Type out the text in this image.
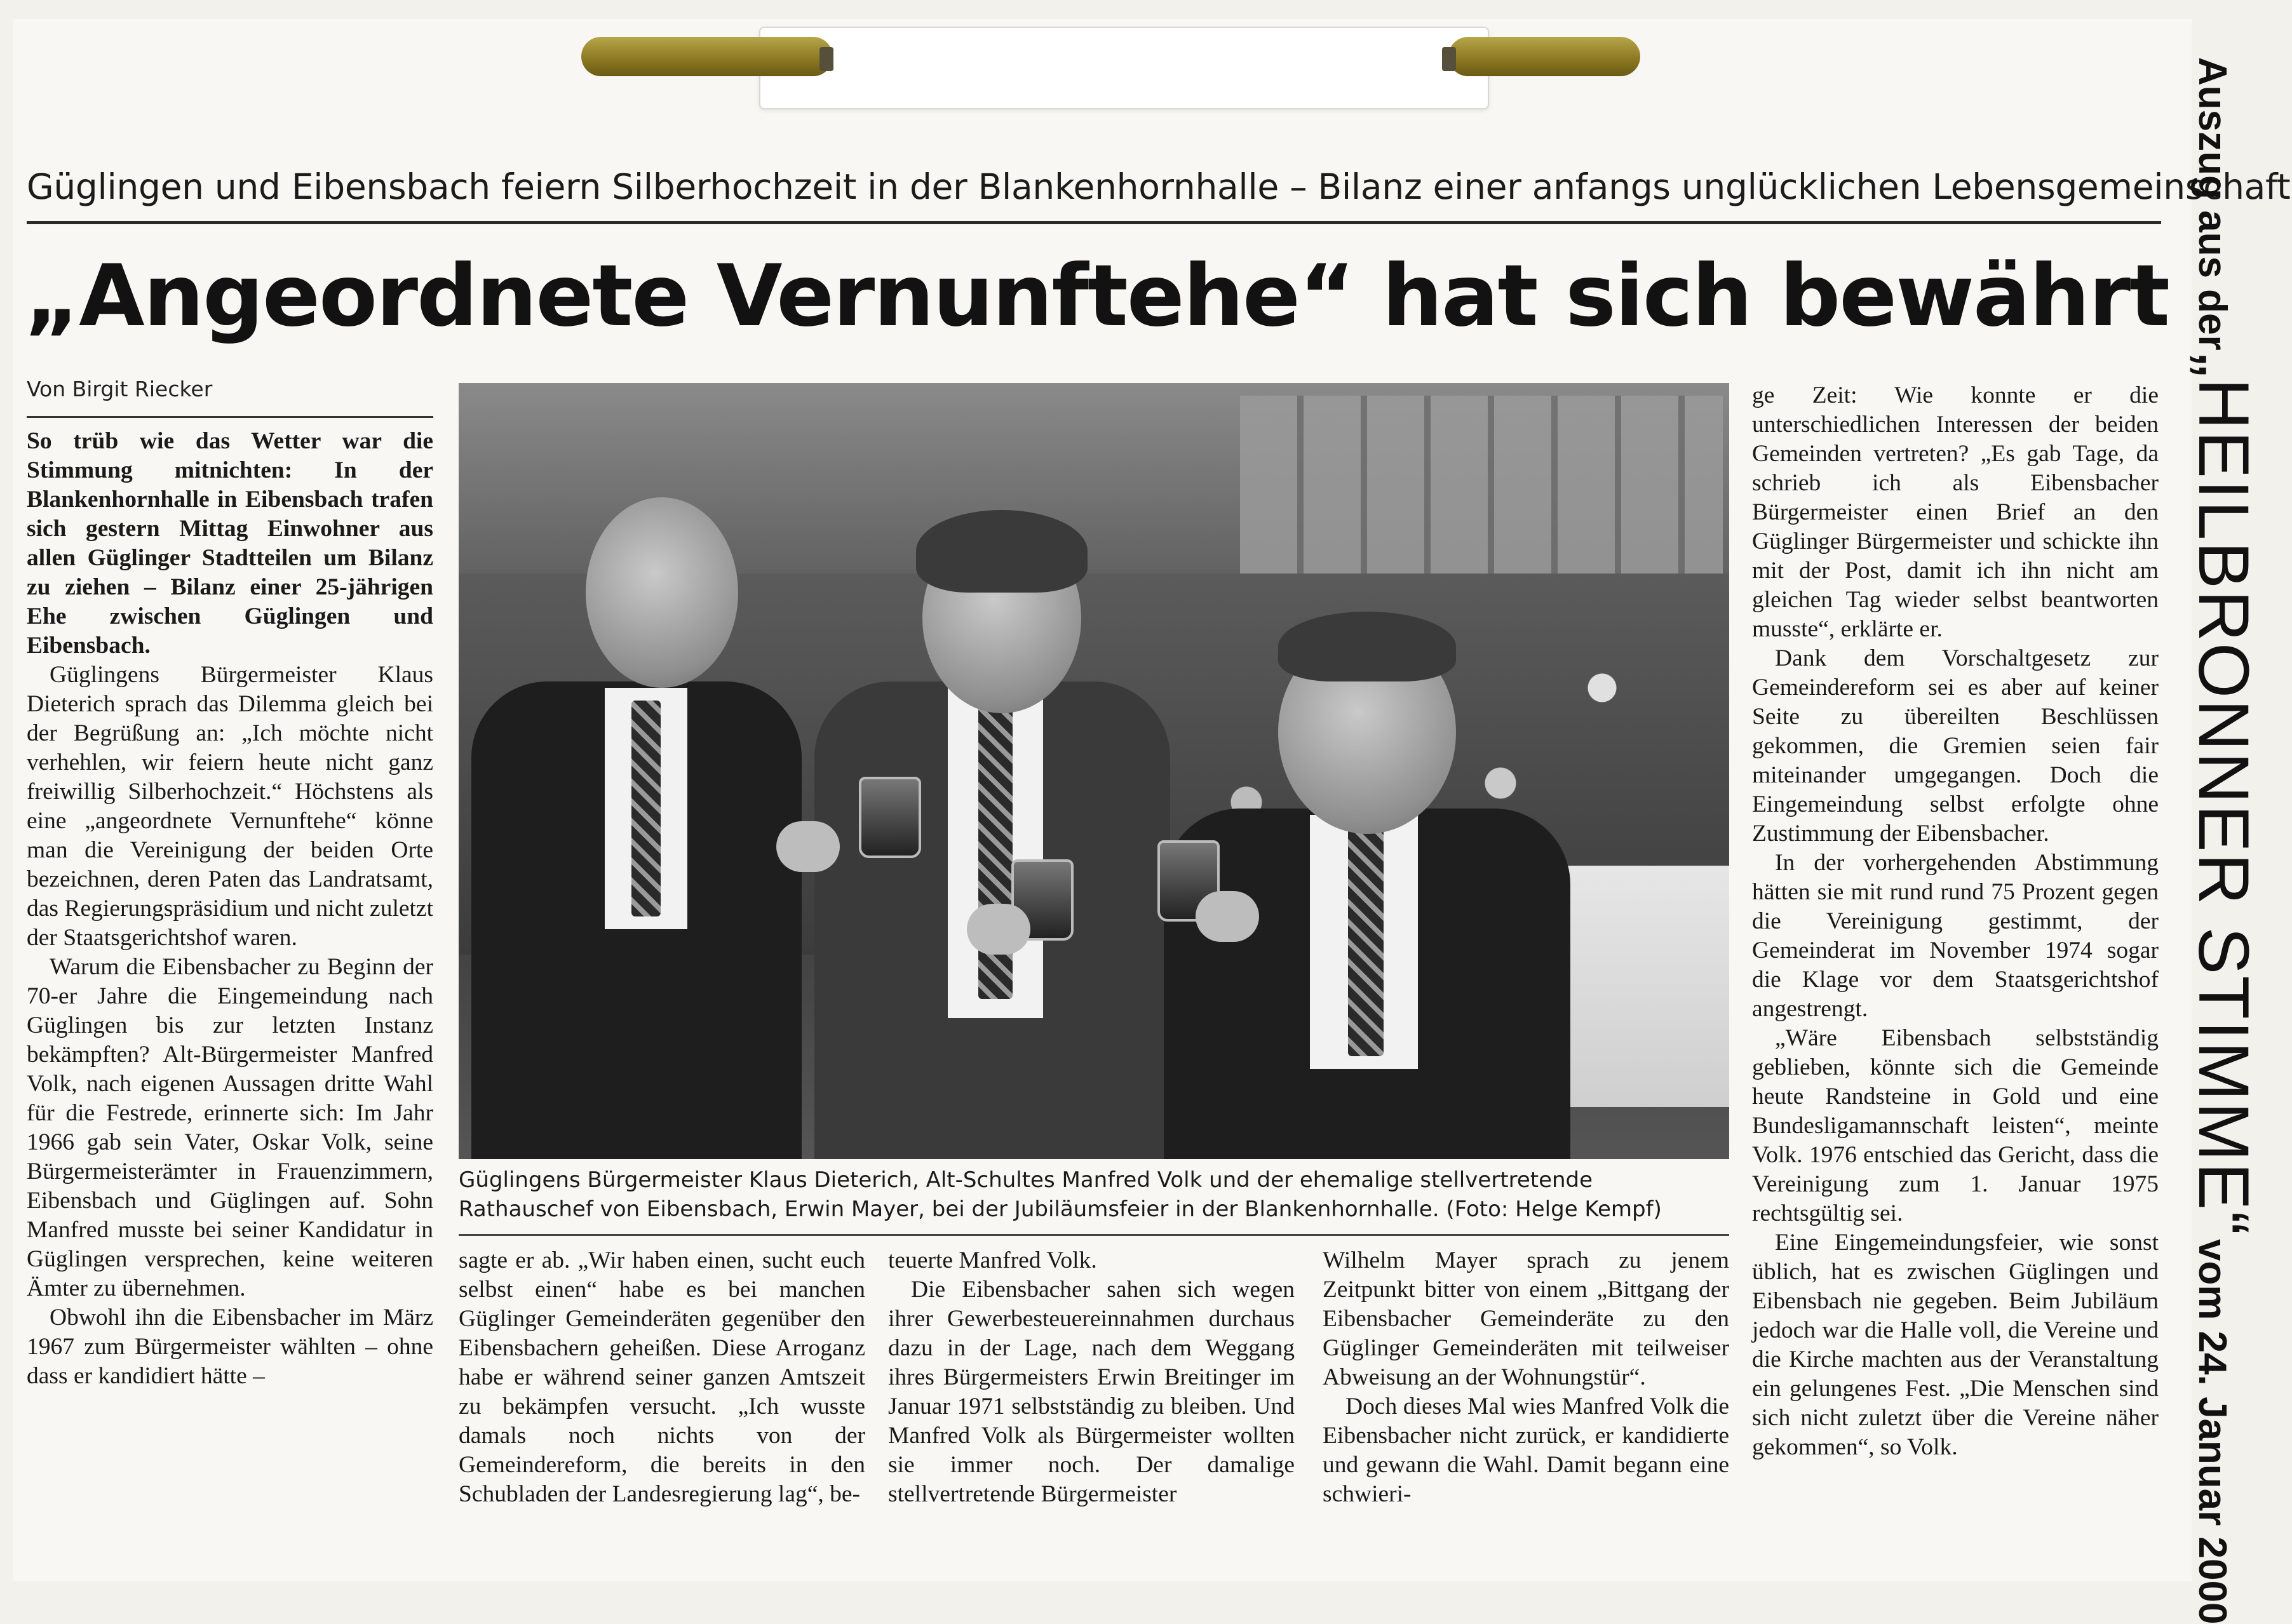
Güglingen und Eibensbach feiern Silberhochzeit in der Blankenhornhalle – Bilanz einer anfangs unglücklichen Lebensgemeinschaft
„Angeordnete Vernunftehe“ hat sich bewährt
Von Birgit Riecker

So trüb wie das Wetter war die Stimmung mitnichten: In der Blankenhornhalle in Eibensbach trafen sich gestern Mittag Einwohner aus allen Güglinger Stadtteilen um Bilanz zu ziehen – Bilanz einer 25-jährigen Ehe zwischen Güglingen und Eibensbach.

Güglingens Bürgermeister Klaus Dieterich sprach das Dilemma gleich bei der Begrüßung an: „Ich möchte nicht verhehlen, wir feiern heute nicht ganz freiwillig Silberhochzeit.“ Höchstens als eine „angeordnete Vernunftehe“ könne man die Vereinigung der beiden Orte bezeichnen, deren Paten das Landratsamt, das Regierungspräsidium und nicht zuletzt der Staatsgerichtshof waren.

Warum die Eibensbacher zu Beginn der 70-er Jahre die Eingemeindung nach Güglingen bis zur letzten Instanz bekämpften? Alt-Bürgermeister Manfred Volk, nach eigenen Aussagen dritte Wahl für die Festrede, erinnerte sich: Im Jahr 1966 gab sein Vater, Oskar Volk, seine Bürgermeisterämter in Frauenzimmern, Eibensbach und Güglingen auf. Sohn Manfred musste bei seiner Kandidatur in Güglingen versprechen, keine weiteren Ämter zu übernehmen.

Obwohl ihn die Eibensbacher im März 1967 zum Bürgermeister wählten – ohne dass er kandidiert hätte –

Güglingens Bürgermeister Klaus Dieterich, Alt-Schultes Manfred Volk und der ehemalige stellvertretende Rathauschef von Eibensbach, Erwin Mayer, bei der Jubiläumsfeier in der Blankenhornhalle. (Foto: Helge Kempf)

sagte er ab. „Wir haben einen, sucht euch selbst einen“ habe es bei manchen Güglinger Gemeinderäten gegenüber den Eibensbachern geheißen. Diese Arroganz habe er während seiner ganzen Amtszeit zu bekämpfen versucht. „Ich wusste damals noch nichts von der Gemeindereform, die bereits in den Schubladen der Landesregierung lag“, be-

teuerte Manfred Volk.

Die Eibensbacher sahen sich wegen ihrer Gewerbesteuereinnahmen durchaus dazu in der Lage, nach dem Weggang ihres Bürgermeisters Erwin Breitinger im Januar 1971 selbstständig zu bleiben. Und Manfred Volk als Bürgermeister wollten sie immer noch. Der damalige stellvertretende Bürgermeister

Wilhelm Mayer sprach zu jenem Zeitpunkt bitter von einem „Bittgang der Eibensbacher Gemeinderäte zu den Güglinger Gemeinderäten mit teilweiser Abweisung an der Wohnungstür“.

Doch dieses Mal wies Manfred Volk die Eibensbacher nicht zurück, er kandidierte und gewann die Wahl. Damit begann eine schwieri-

ge Zeit: Wie konnte er die unterschiedlichen Interessen der beiden Gemeinden vertreten? „Es gab Tage, da schrieb ich als Eibensbacher Bürgermeister einen Brief an den Güglinger Bürgermeister und schickte ihn mit der Post, damit ich ihn nicht am gleichen Tag wieder selbst beantworten musste“, erklärte er.

Dank dem Vorschaltgesetz zur Gemeindereform sei es aber auf keiner Seite zu übereilten Beschlüssen gekommen, die Gremien seien fair miteinander umgegangen. Doch die Eingemeindung selbst erfolgte ohne Zustimmung der Eibensbacher.

In der vorhergehenden Abstimmung hätten sie mit rund rund 75 Prozent gegen die Vereinigung gestimmt, der Gemeinderat im November 1974 sogar die Klage vor dem Staatsgerichtshof angestrengt.

„Wäre Eibensbach selbstständig geblieben, könnte sich die Gemeinde heute Randsteine in Gold und eine Bundesligamannschaft leisten“, meinte Volk. 1976 entschied das Gericht, dass die Vereinigung zum 1. Januar 1975 rechtsgültig sei.

Eine Eingemeindungsfeier, wie sonst üblich, hat es zwischen Güglingen und Eibensbach nie gegeben. Beim Jubiläum jedoch war die Halle voll, die Vereine und die Kirche machten aus der Veranstaltung ein gelungenes Fest. „Die Menschen sind sich nicht zuletzt über die Vereine näher gekommen“, so Volk.

Auszug aus der „HEILBRONNER STIMME“ vom 24. Januar 2000
